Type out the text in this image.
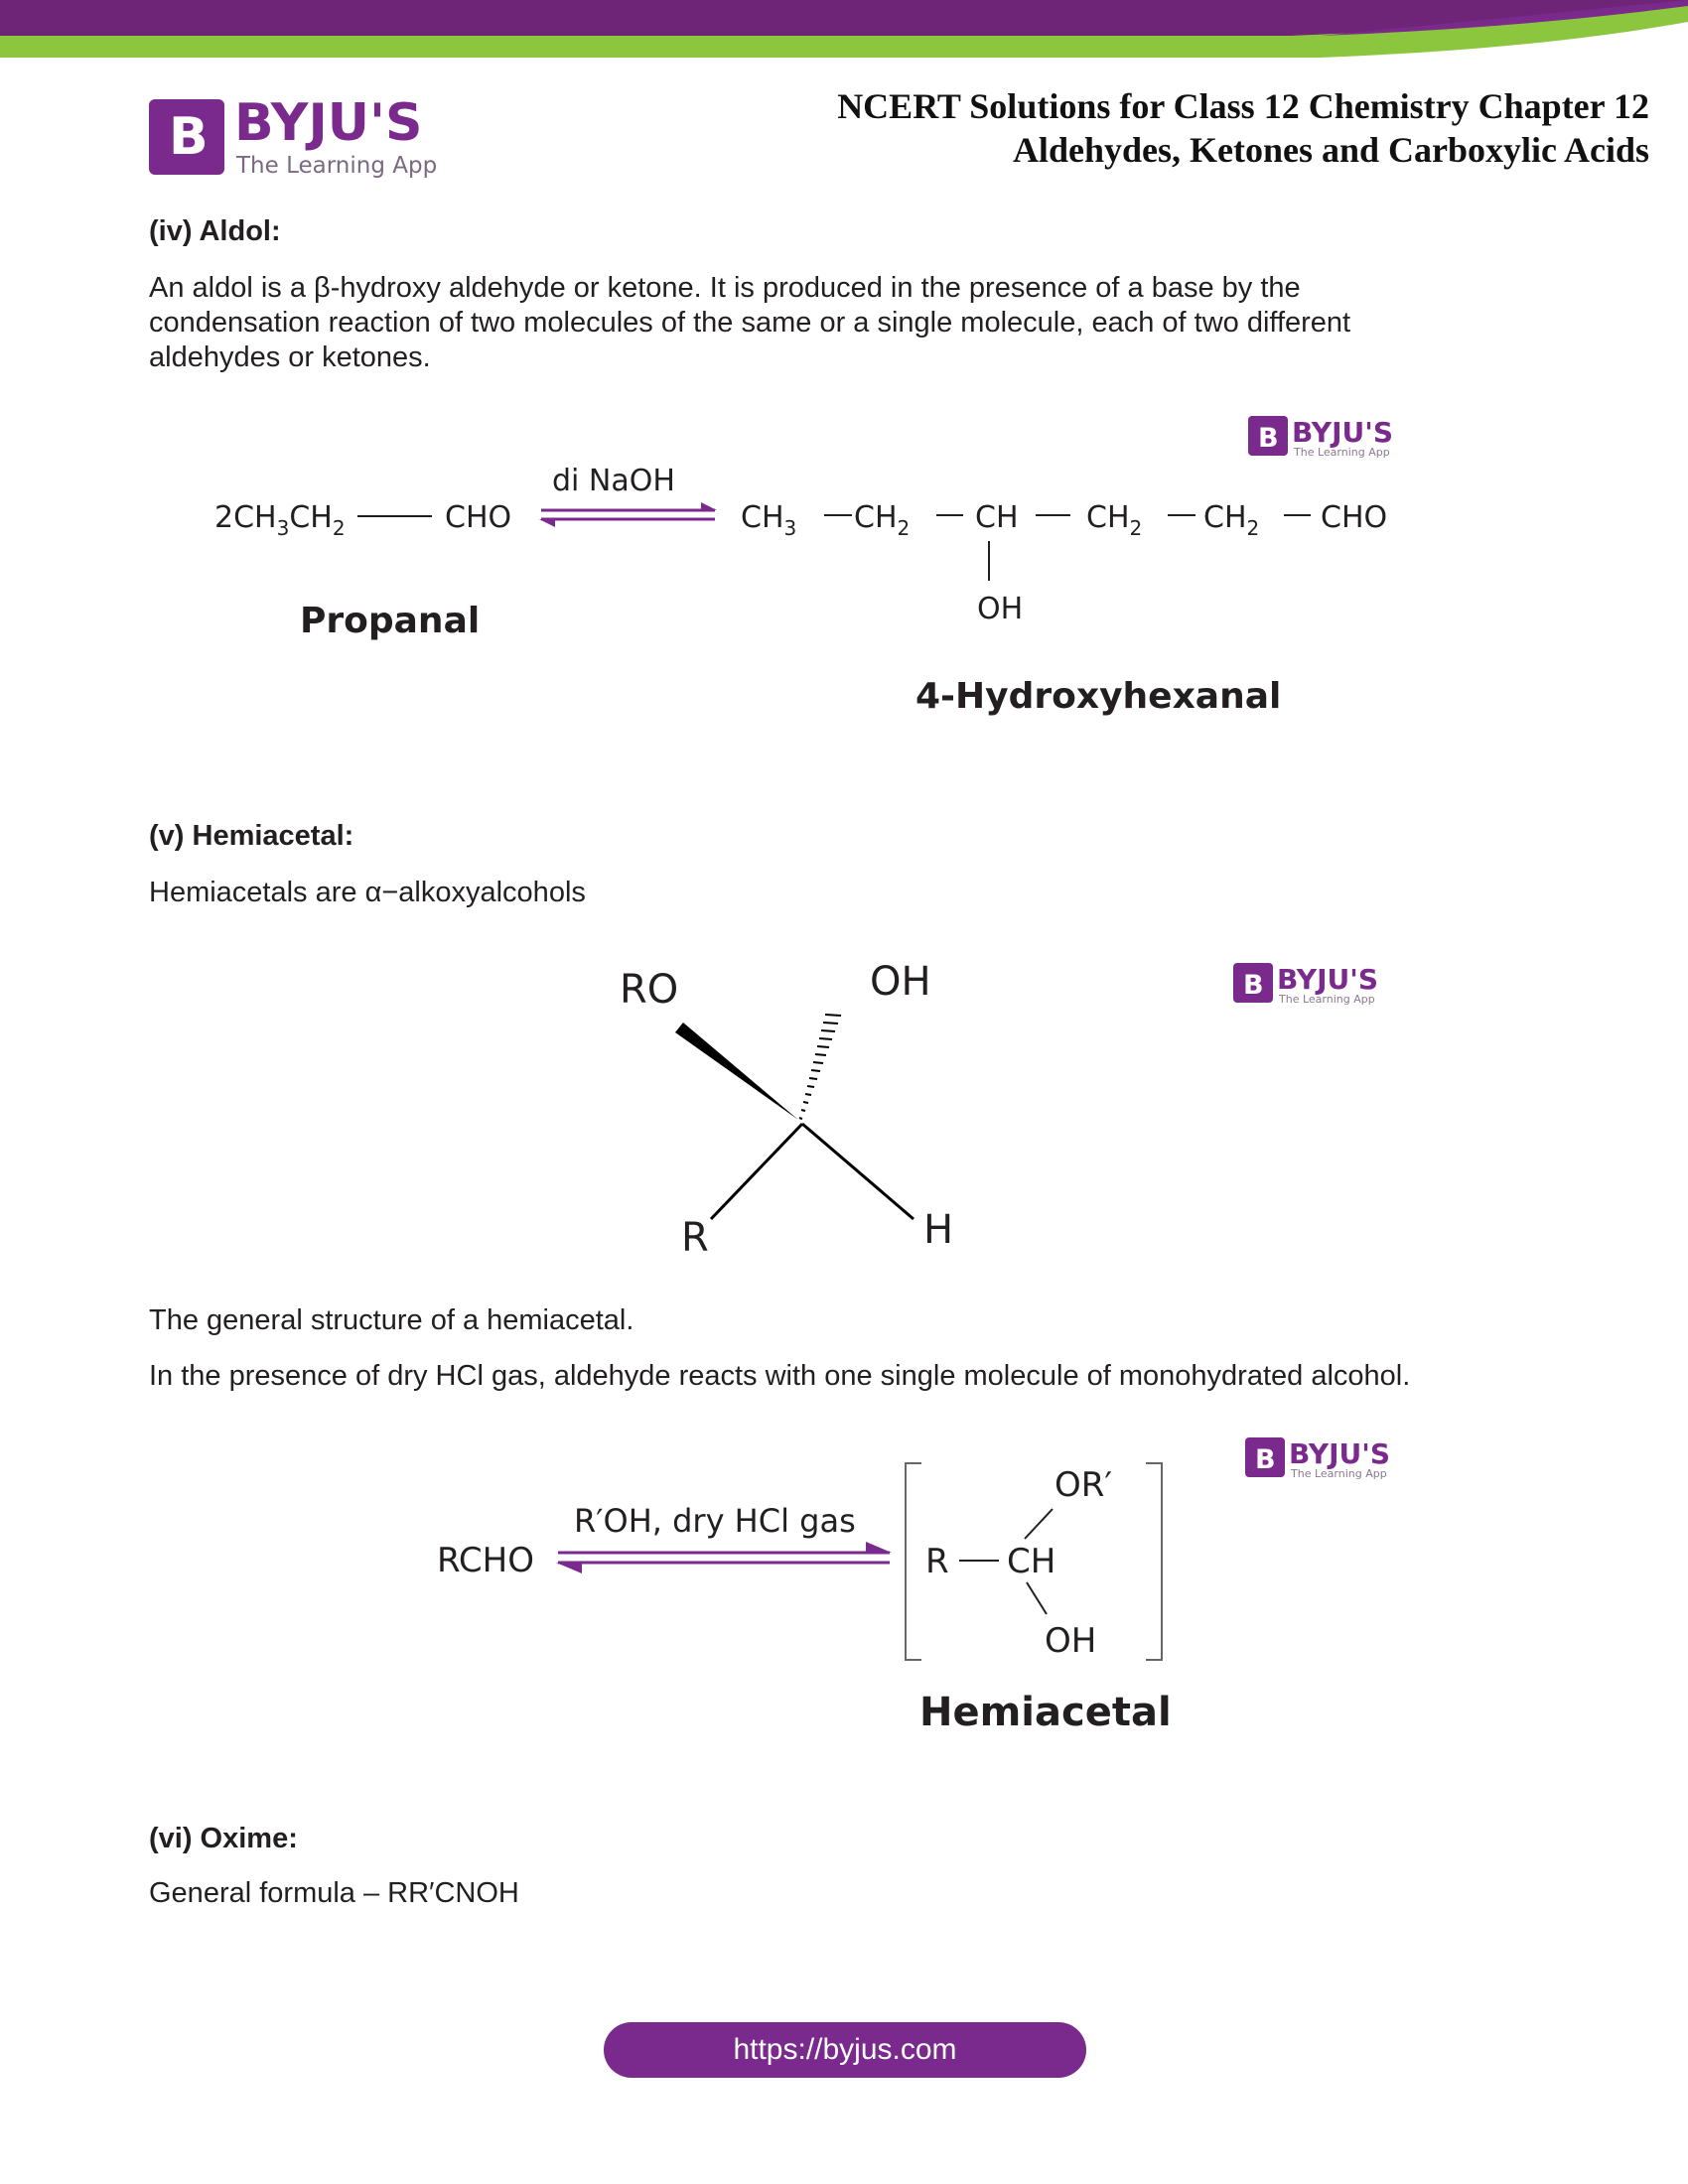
B BYJU'S
The Learning App
NCERT Solutions for Class 12 Chemistry Chapter 12
Aldehydes, Ketones and Carboxylic Acids
(iv) Aldol:
An aldol is a β-hydroxy aldehyde or ketone. It is produced in the presence of a base by the condensation reaction of two molecules of the same or a single molecule, each of two different aldehydes or ketones.
B BYJU'S
The Learning App
$2CH_3CH_2$	CHO
di NaOH
$CH_3$ $CH_2$ CH $CH_2$ $CH_2$ CHO
OH
Propanal
4-Hydroxyhexanal
(v) Hemiacetal:
Hemiacetals are α−alkoxyalcohols
B BYJU'S
The Learning App
RO	OH
R	H
The general structure of a hemiacetal.
In the presence of dry HCl gas, aldehyde reacts with one single molecule of monohydrated alcohol.
B BYJU'S
The Learning App
RCHO
R′OH, dry HCl gas
R CH
OR′
OH
Hemiacetal
(vi) Oxime:
General formula – RR′CNOH
https://byjus.com
